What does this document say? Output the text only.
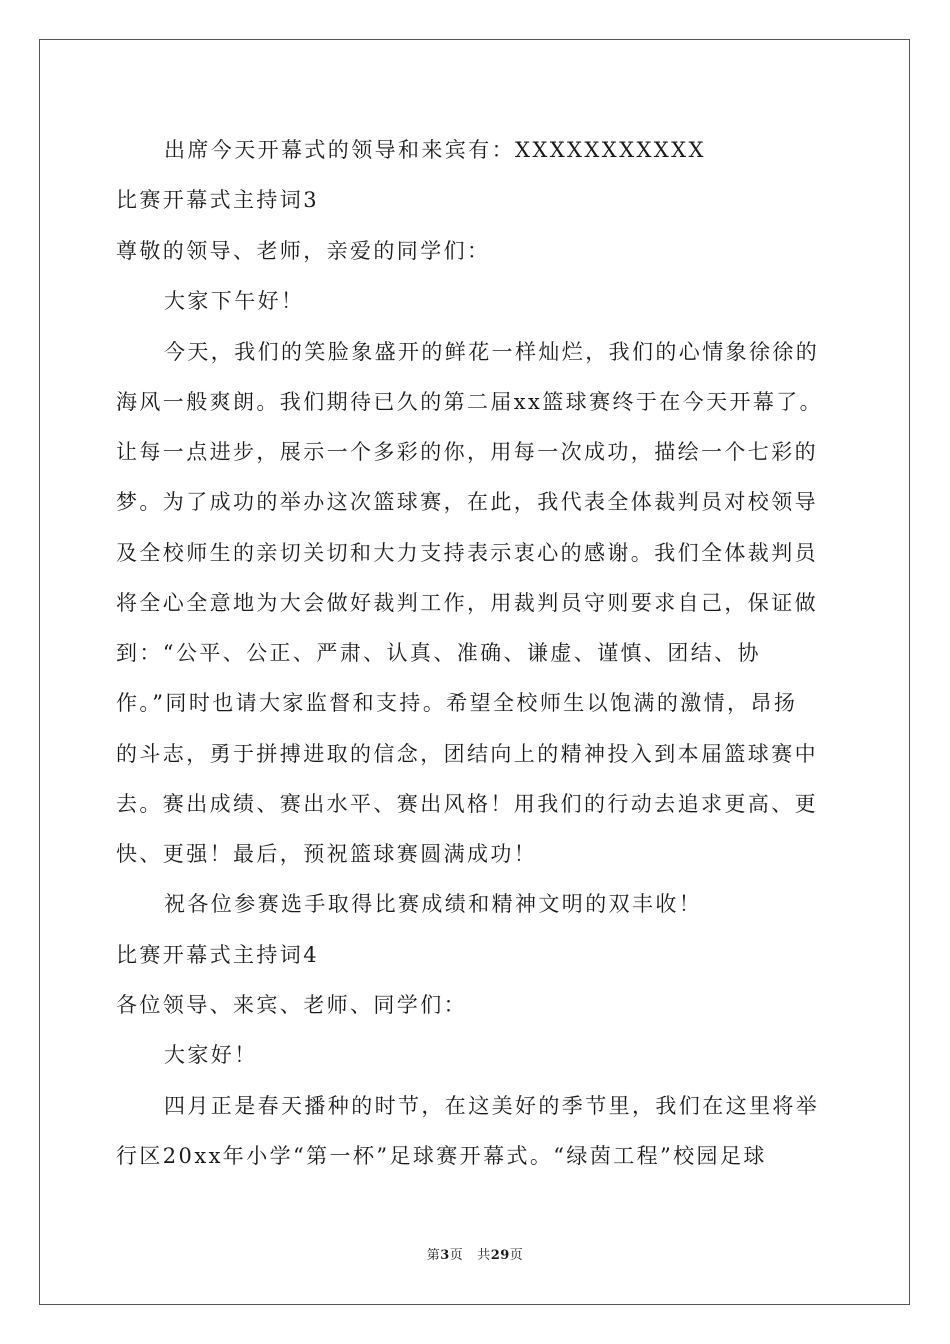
出席今天开幕式的领导和来宾有：XXXXXXXXXXX
比赛开幕式主持词3
尊敬的领导、老师，亲爱的同学们：
大家下午好！
今天，我们的笑脸象盛开的鲜花一样灿烂，我们的心情象徐徐的
海风一般爽朗。我们期待已久的第二届xx篮球赛终于在今天开幕了。
让每一点进步，展示一个多彩的你，用每一次成功，描绘一个七彩的
梦。为了成功的举办这次篮球赛，在此，我代表全体裁判员对校领导
及全校师生的亲切关切和大力支持表示衷心的感谢。我们全体裁判员
将全心全意地为大会做好裁判工作，用裁判员守则要求自己，保证做
到：“公平、公正、严肃、认真、准确、谦虚、谨慎、团结、协
作。”同时也请大家监督和支持。希望全校师生以饱满的激情，昂扬
的斗志，勇于拼搏进取的信念，团结向上的精神投入到本届篮球赛中
去。赛出成绩、赛出水平、赛出风格！用我们的行动去追求更高、更
快、更强！最后，预祝篮球赛圆满成功！
祝各位参赛选手取得比赛成绩和精神文明的双丰收！
比赛开幕式主持词4
各位领导、来宾、老师、同学们：
大家好！
四月正是春天播种的时节，在这美好的季节里，我们在这里将举
行区20xx年小学“第一杯”足球赛开幕式。“绿茵工程”校园足球
第3页 共29页
